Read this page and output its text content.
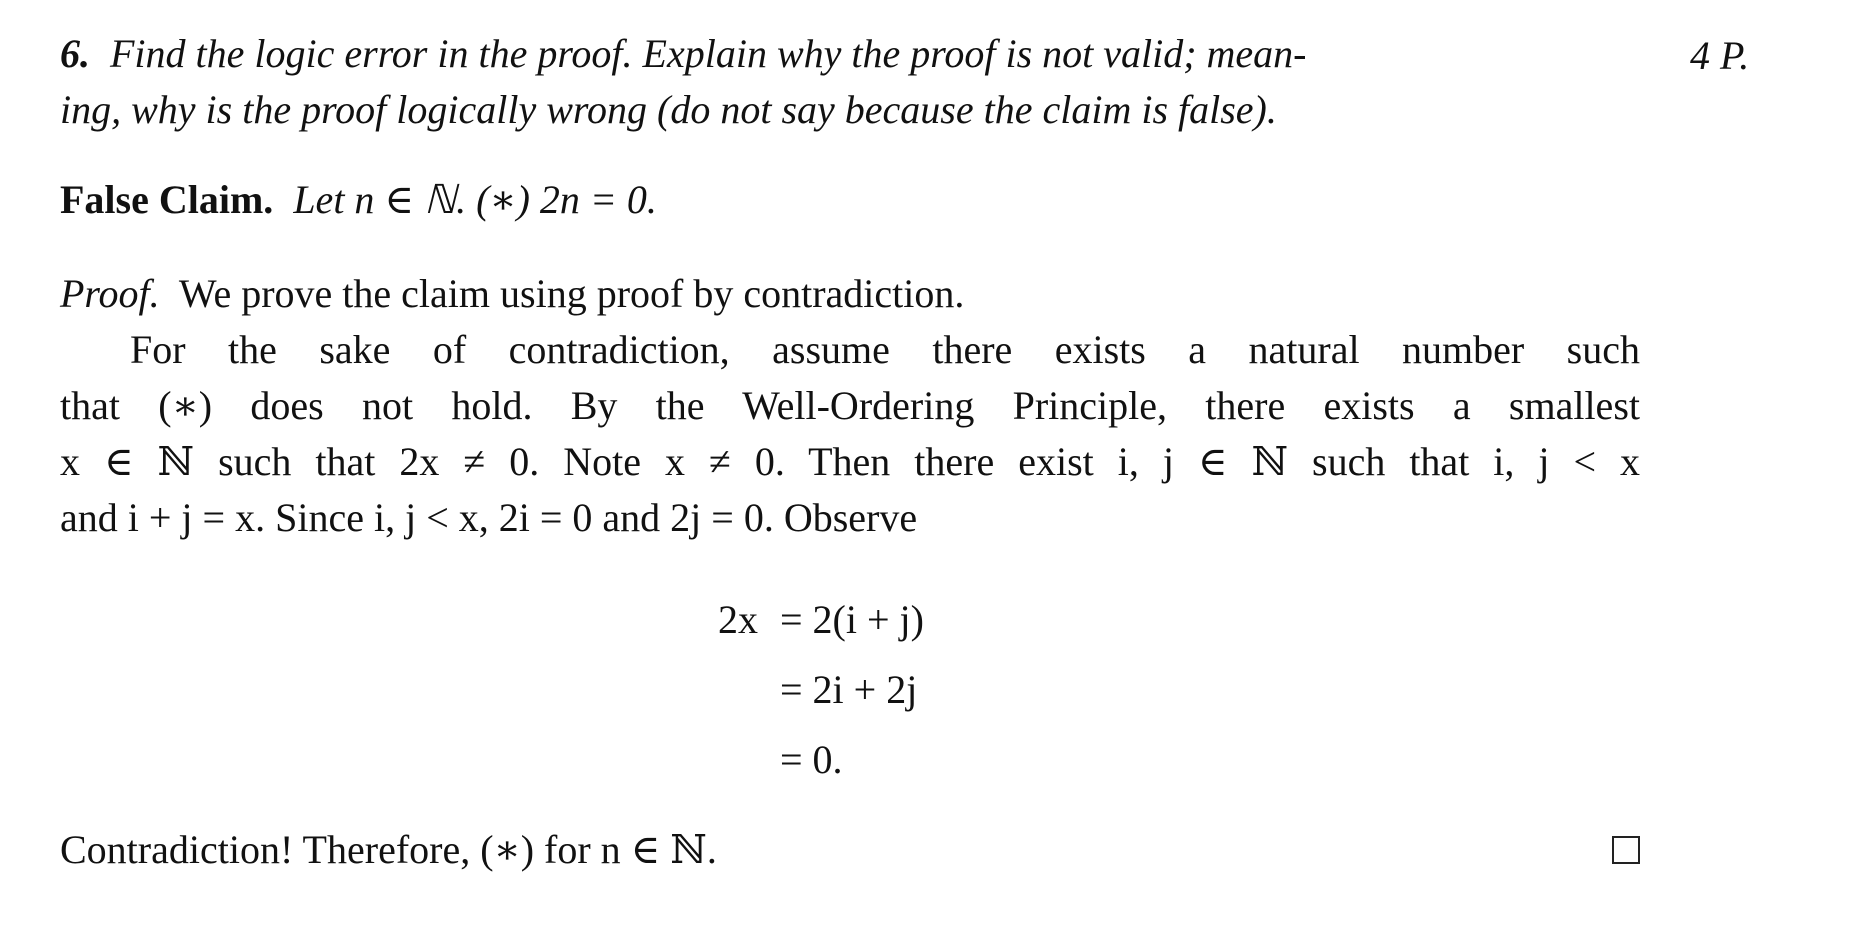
6. Find the logic error in the proof. Explain why the proof is not valid; mean-	4 P.
ing, why is the proof logically wrong (do not say because the claim is false).
False Claim. Let n ∈ ℕ. (∗) 2n = 0.
Proof. We prove the claim using proof by contradiction.
For the sake of contradiction, assume there exists a natural number such
that (∗) does not hold. By the Well-Ordering Principle, there exists a smallest
x ∈ ℕ such that 2x ≠ 0. Note x ≠ 0. Then there exist i, j ∈ ℕ such that i, j < x
and i + j = x. Since i, j < x, 2i = 0 and 2j = 0. Observe
2x = 2(i + j)
= 2i + 2j
= 0.
Contradiction! Therefore, (∗) for n ∈ ℕ.
